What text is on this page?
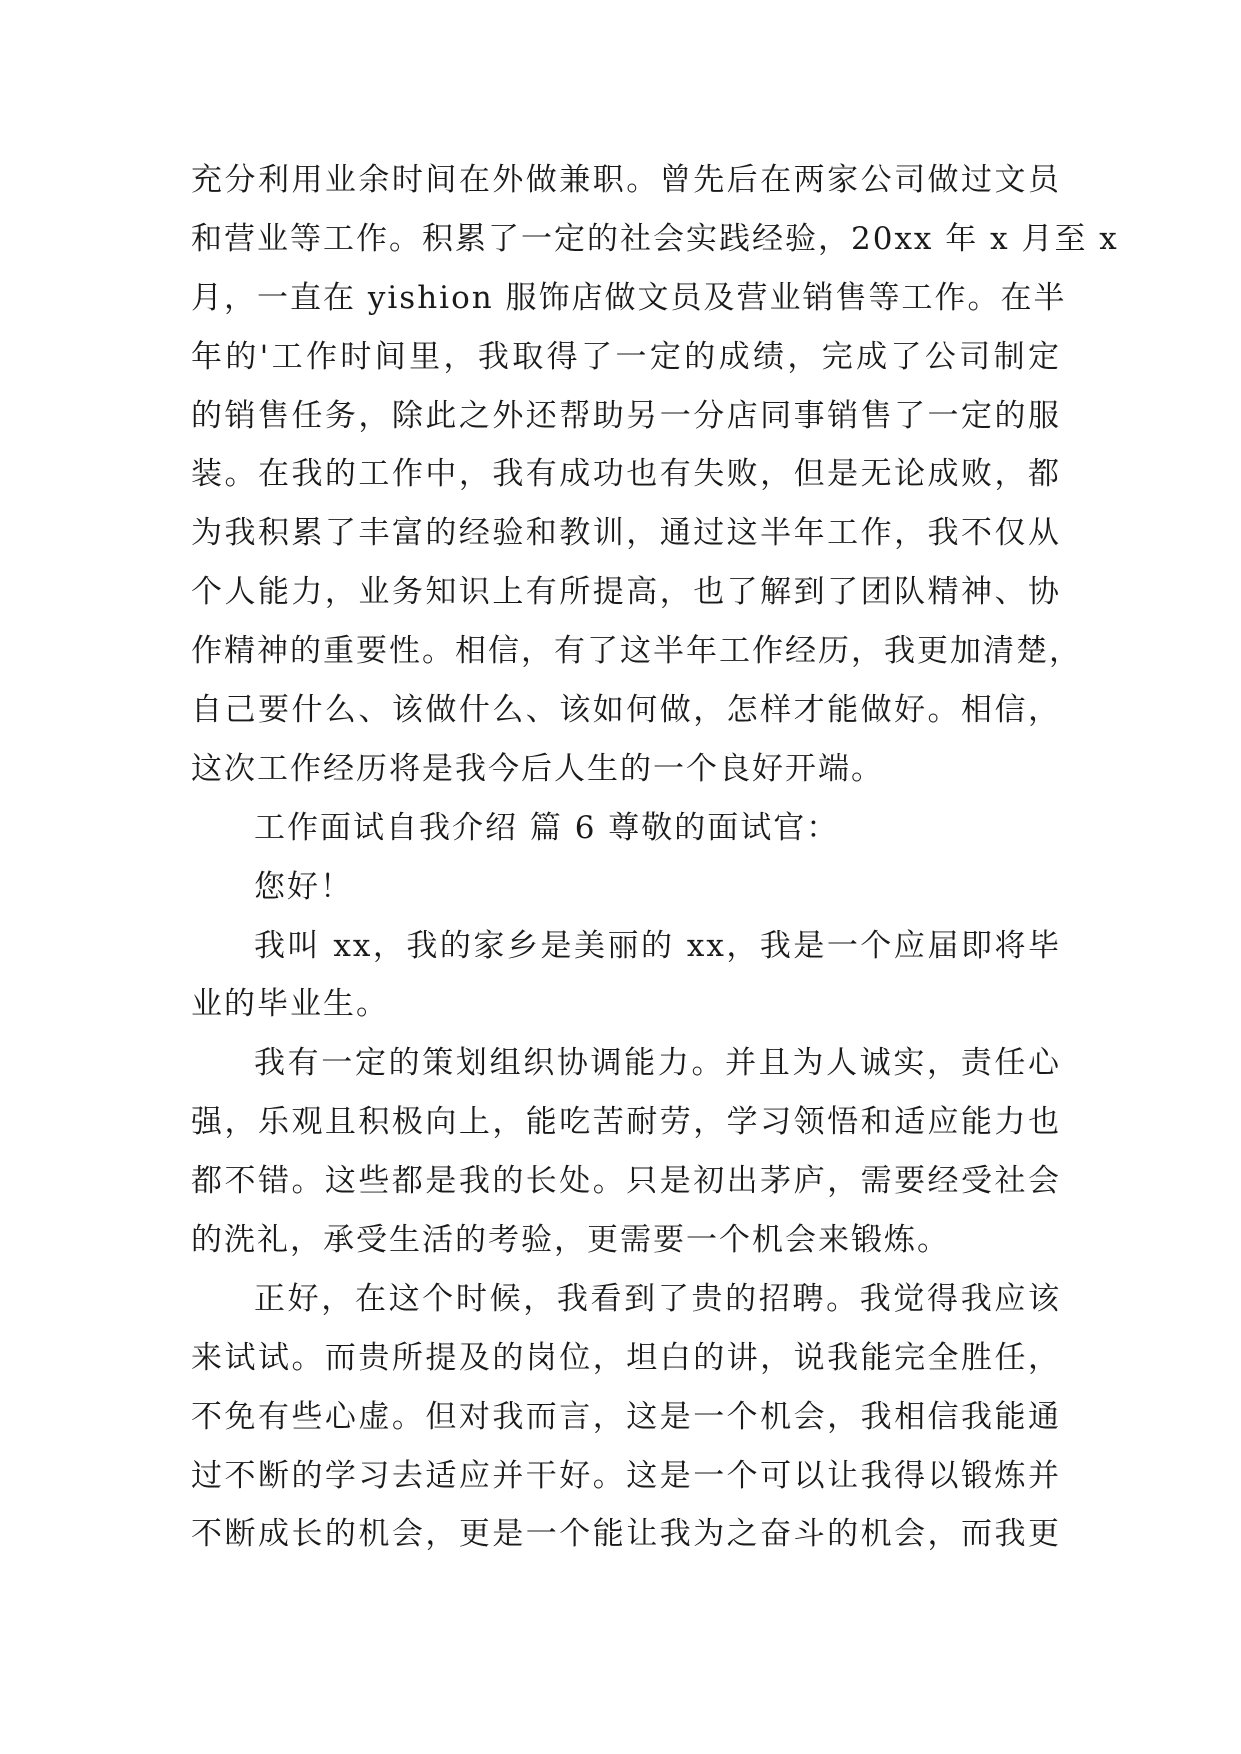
充分利用业余时间在外做兼职。曾先后在两家公司做过文员
和营业等工作。积累了一定的社会实践经验，20xx 年 x 月至 x
月，一直在 yishion 服饰店做文员及营业销售等工作。在半
年的'工作时间里，我取得了一定的成绩，完成了公司制定
的销售任务，除此之外还帮助另一分店同事销售了一定的服
装。在我的工作中，我有成功也有失败，但是无论成败，都
为我积累了丰富的经验和教训，通过这半年工作，我不仅从
个人能力，业务知识上有所提高，也了解到了团队精神、协
作精神的重要性。相信，有了这半年工作经历，我更加清楚，
自己要什么、该做什么、该如何做，怎样才能做好。相信，
这次工作经历将是我今后人生的一个良好开端。
工作面试自我介绍 篇 6 尊敬的面试官：
您好！
我叫 xx，我的家乡是美丽的 xx，我是一个应届即将毕
业的毕业生。
我有一定的策划组织协调能力。并且为人诚实，责任心
强，乐观且积极向上，能吃苦耐劳，学习领悟和适应能力也
都不错。这些都是我的长处。只是初出茅庐，需要经受社会
的洗礼，承受生活的考验，更需要一个机会来锻炼。
正好，在这个时候，我看到了贵的招聘。我觉得我应该
来试试。而贵所提及的岗位，坦白的讲，说我能完全胜任，
不免有些心虚。但对我而言，这是一个机会，我相信我能通
过不断的学习去适应并干好。这是一个可以让我得以锻炼并
不断成长的机会，更是一个能让我为之奋斗的机会，而我更
